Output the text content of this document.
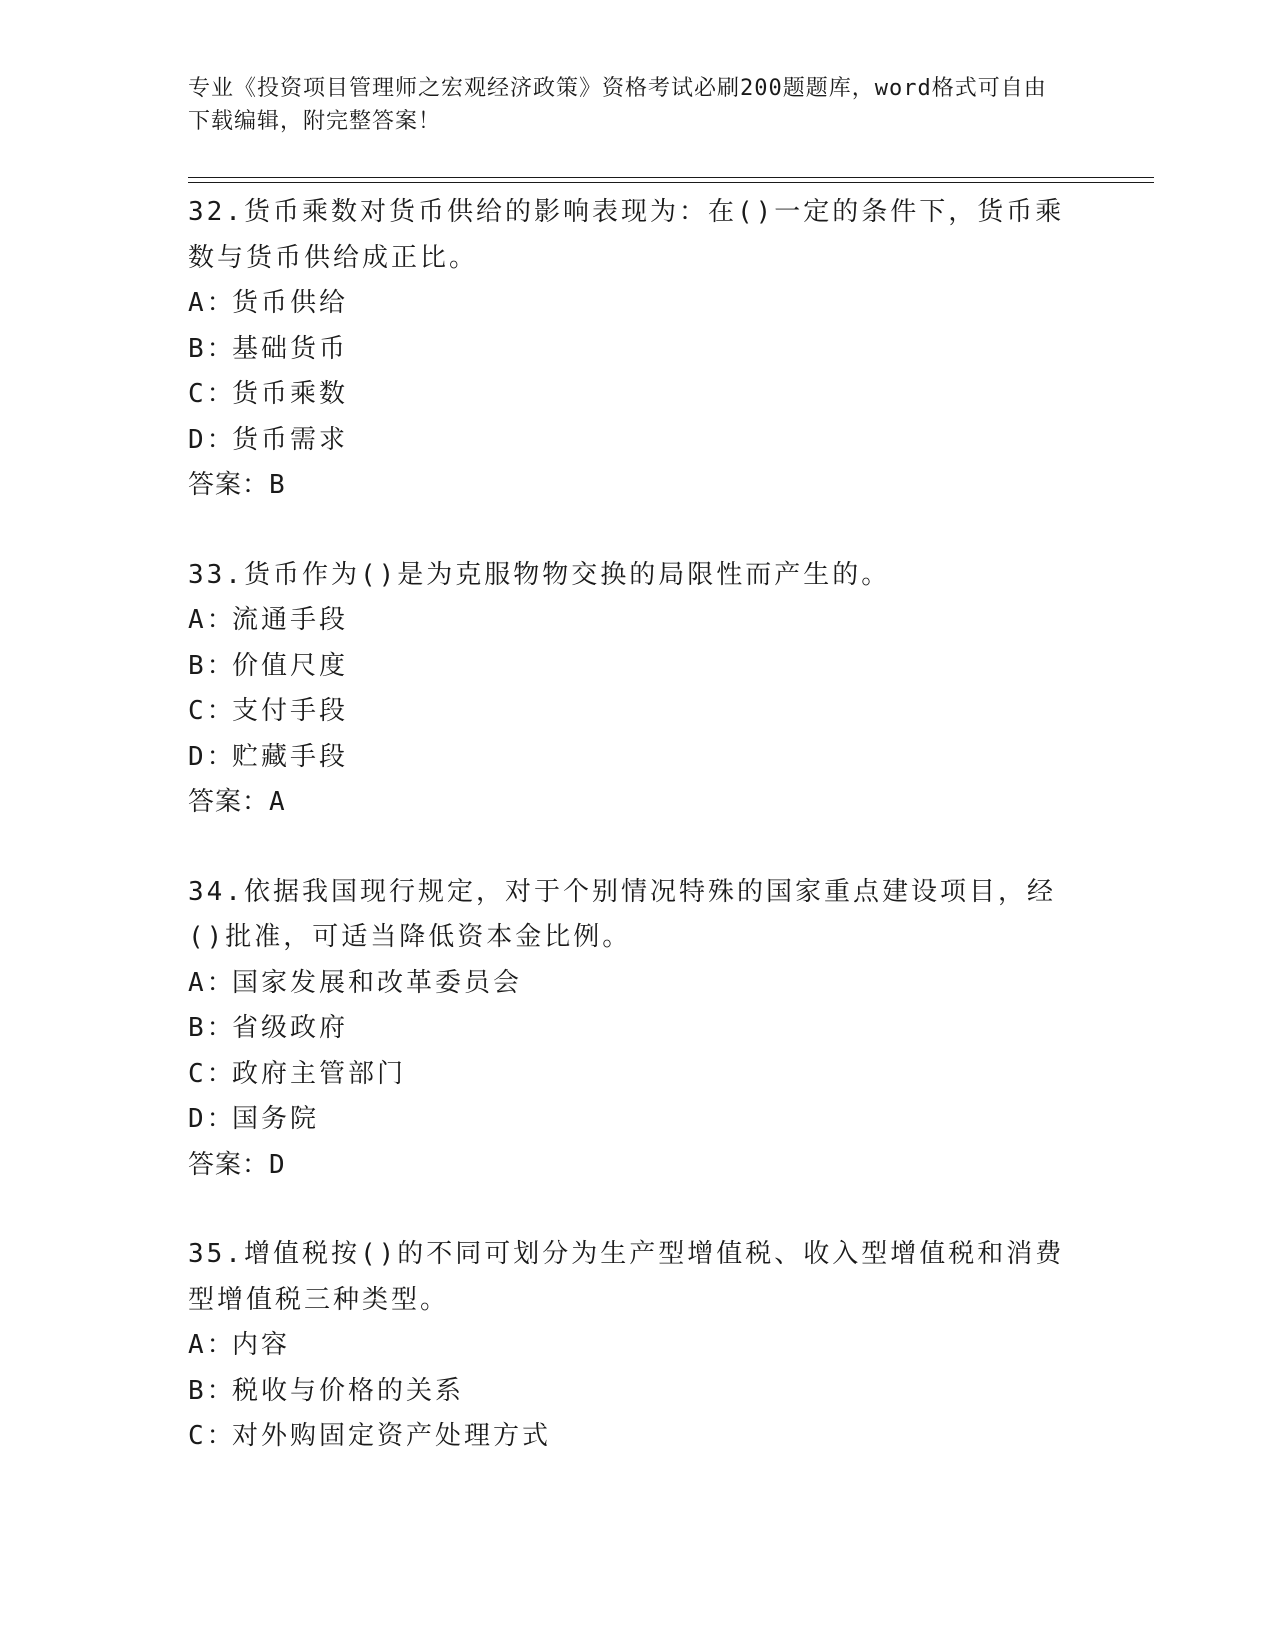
专业《投资项目管理师之宏观经济政策》资格考试必刷200题题库，word格式可自由下载编辑，附完整答案！

32.货币乘数对货币供给的影响表现为：在()一定的条件下，货币乘数与货币供给成正比。

A：货币供给

B：基础货币

C：货币乘数

D：货币需求

答案：B

33.货币作为()是为克服物物交换的局限性而产生的。

A：流通手段

B：价值尺度

C：支付手段

D：贮藏手段

答案：A

34.依据我国现行规定，对于个别情况特殊的国家重点建设项目，经()批准，可适当降低资本金比例。

A：国家发展和改革委员会

B：省级政府

C：政府主管部门

D：国务院

答案：D

35.增值税按()的不同可划分为生产型增值税、收入型增值税和消费型增值税三种类型。

A：内容

B：税收与价格的关系

C：对外购固定资产处理方式
